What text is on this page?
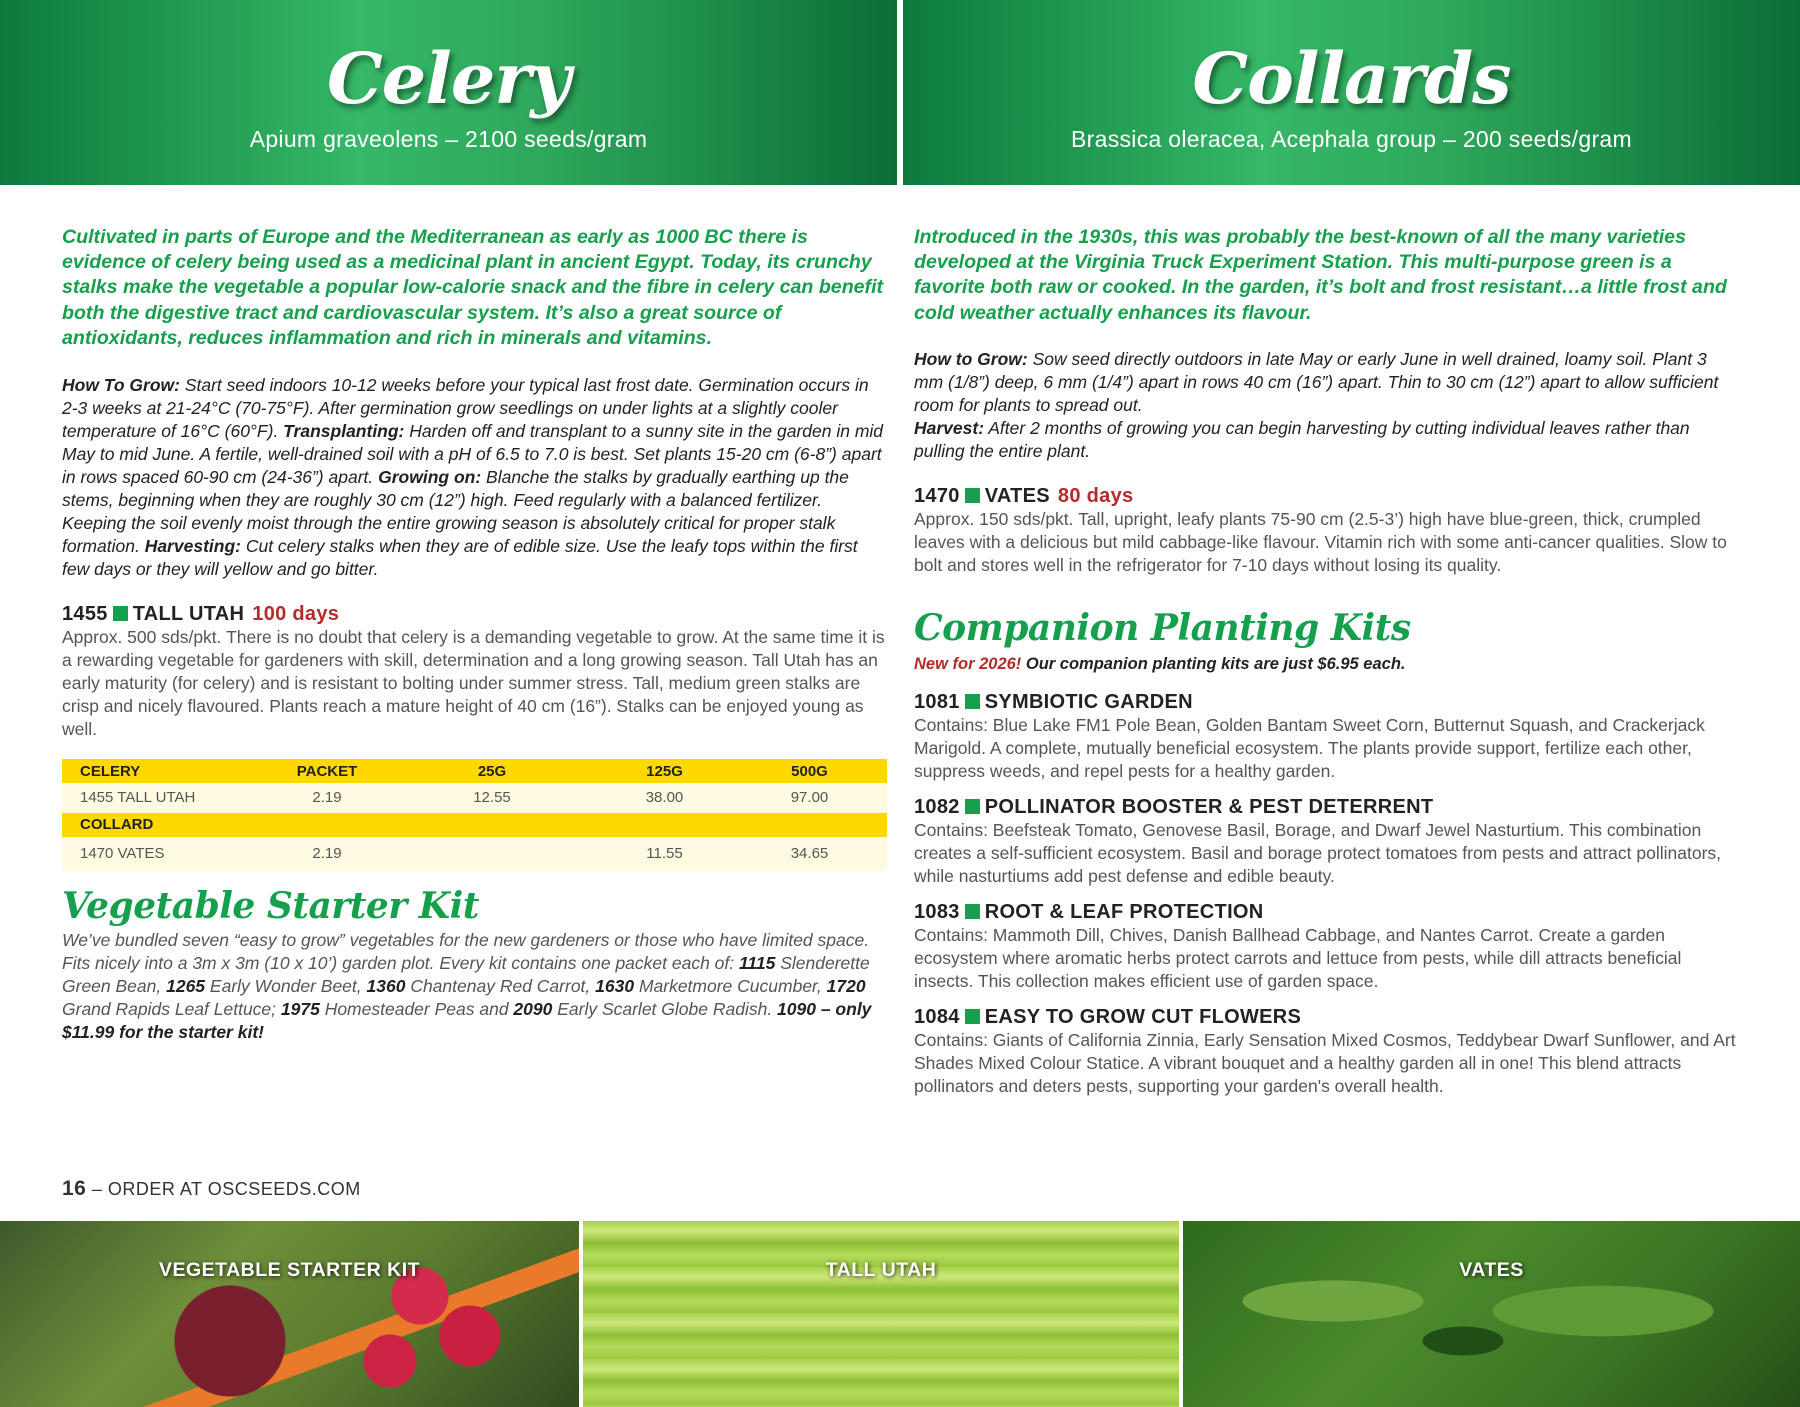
Celery
Apium graveolens – 2100 seeds/gram
Collards
Brassica oleracea, Acephala group – 200 seeds/gram

Cultivated in parts of Europe and the Mediterranean as early as 1000 BC there is evidence of celery being used as a medicinal plant in ancient Egypt. Today, its crunchy stalks make the vegetable a popular low-calorie snack and the fibre in celery can benefit both the digestive tract and cardiovascular system. It’s also a great source of antioxidants, reduces inflammation and rich in minerals and vitamins.

How To Grow: Start seed indoors 10-12 weeks before your typical last frost date. Germination occurs in 2-3 weeks at 21-24°C (70-75°F). After germination grow seedlings on under lights at a slightly cooler temperature of 16°C (60°F). Transplanting: Harden off and transplant to a sunny site in the garden in mid May to mid June. A fertile, well-drained soil with a pH of 6.5 to 7.0 is best. Set plants 15-20 cm (6-8”) apart in rows spaced 60-90 cm (24-36”) apart. Growing on: Blanche the stalks by gradually earthing up the stems, beginning when they are roughly 30 cm (12”) high. Feed regularly with a balanced fertilizer. Keeping the soil evenly moist through the entire growing season is absolutely critical for proper stalk formation. Harvesting: Cut celery stalks when they are of edible size. Use the leafy tops within the first few days or they will yellow and go bitter.

1455 TALL UTAH 100 days

Approx. 500 sds/pkt. There is no doubt that celery is a demanding vegetable to grow. At the same time it is a rewarding vegetable for gardeners with skill, determination and a long growing season. Tall Utah has an early maturity (for celery) and is resistant to bolting under summer stress. Tall, medium green stalks are crisp and nicely flavoured. Plants reach a mature height of 40 cm (16”). Stalks can be enjoyed young as well.

CELERY	PACKET	25G	125G	500G
1455 TALL UTAH	2.19	12.55	38.00	97.00
COLLARD				
1470 VATES	2.19		11.55	34.65
Vegetable Starter Kit

We’ve bundled seven “easy to grow” vegetables for the new gardeners or those who have limited space. Fits nicely into a 3m x 3m (10 x 10’) garden plot. Every kit contains one packet each of: 1115 Slenderette Green Bean, 1265 Early Wonder Beet, 1360 Chantenay Red Carrot, 1630 Marketmore Cucumber, 1720 Grand Rapids Leaf Lettuce; 1975 Homesteader Peas and 2090 Early Scarlet Globe Radish. 1090 – only $11.99 for the starter kit!

Introduced in the 1930s, this was probably the best-known of all the many varieties developed at the Virginia Truck Experiment Station. This multi-purpose green is a favorite both raw or cooked. In the garden, it’s bolt and frost resistant…a little frost and cold weather actually enhances its flavour.

How to Grow: Sow seed directly outdoors in late May or early June in well drained, loamy soil. Plant 3 mm (1/8”) deep, 6 mm (1/4”) apart in rows 40 cm (16”) apart. Thin to 30 cm (12”) apart to allow sufficient room for plants to spread out.

Harvest: After 2 months of growing you can begin harvesting by cutting individual leaves rather than pulling the entire plant.

1470 VATES 80 days

Approx. 150 sds/pkt. Tall, upright, leafy plants 75-90 cm (2.5-3’) high have blue-green, thick, crumpled leaves with a delicious but mild cabbage-like flavour. Vitamin rich with some anti-cancer qualities. Slow to bolt and stores well in the refrigerator for 7-10 days without losing its quality.

Companion Planting Kits

New for 2026! Our companion planting kits are just $6.95 each.

1081 SYMBIOTIC GARDEN

Contains: Blue Lake FM1 Pole Bean, Golden Bantam Sweet Corn, Butternut Squash, and Crackerjack Marigold. A complete, mutually beneficial ecosystem. The plants provide support, fertilize each other, suppress weeds, and repel pests for a healthy garden.

1082 POLLINATOR BOOSTER & PEST DETERRENT

Contains: Beefsteak Tomato, Genovese Basil, Borage, and Dwarf Jewel Nasturtium. This combination creates a self-sufficient ecosystem. Basil and borage protect tomatoes from pests and attract pollinators, while nasturtiums add pest defense and edible beauty.

1083 ROOT & LEAF PROTECTION

Contains: Mammoth Dill, Chives, Danish Ballhead Cabbage, and Nantes Carrot. Create a garden ecosystem where aromatic herbs protect carrots and lettuce from pests, while dill attracts beneficial insects. This collection makes efficient use of garden space.

1084 EASY TO GROW CUT FLOWERS

Contains: Giants of California Zinnia, Early Sensation Mixed Cosmos, Teddybear Dwarf Sunflower, and Art Shades Mixed Colour Statice. A vibrant bouquet and a healthy garden all in one! This blend attracts pollinators and deters pests, supporting your garden's overall health.

16 – ORDER AT OSCSEEDS.COM
VEGETABLE STARTER KIT	TALL UTAH	VATES
